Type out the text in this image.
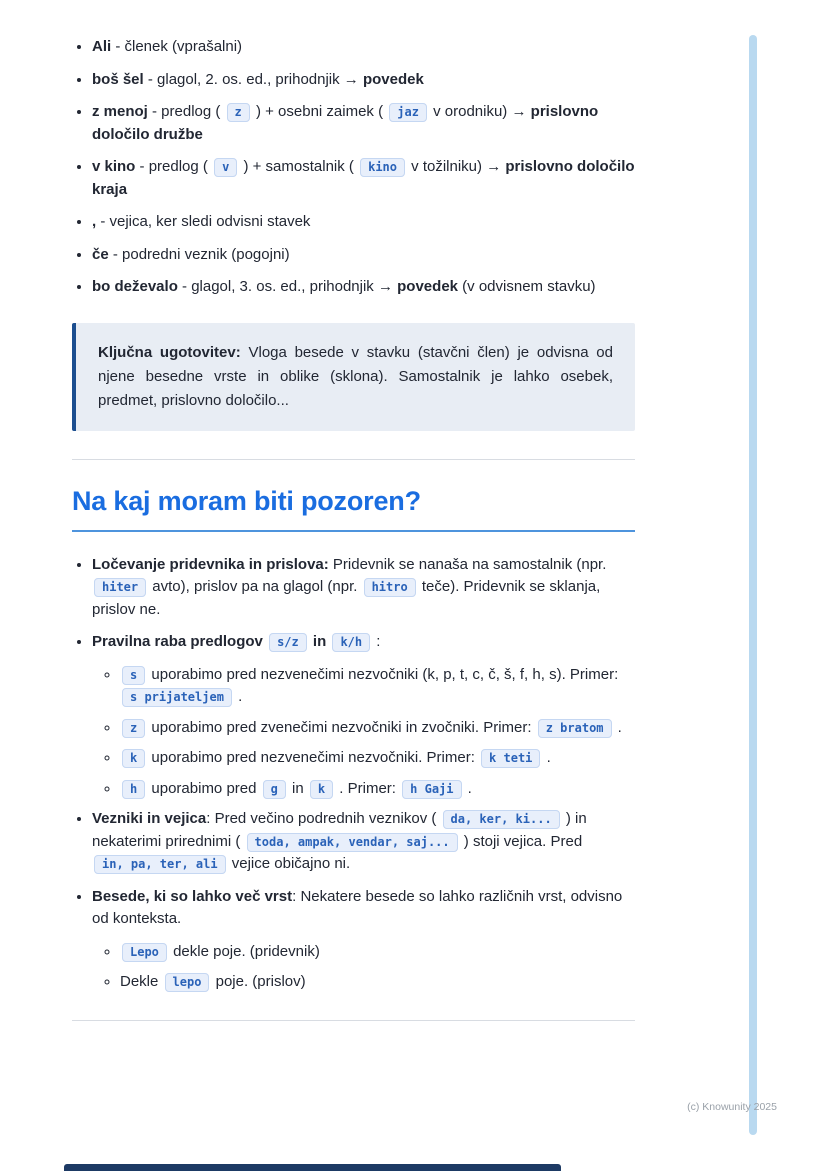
• Ali - členek (vprašalni)
• boš šel - glagol, 2. os. ed., prihodnjik → povedek
• z menoj - predlog ( z ) + osebni zaimek ( jaz v orodniku) → prislovno določilo družbe
• v kino - predlog ( v ) + samostalnik ( kino v tožilniku) → prislovno določilo kraja
• , - vejica, ker sledi odvisni stavek
• če - podredni veznik (pogojni)
• bo deževalo - glagol, 3. os. ed., prihodnjik → povedek (v odvisnem stavku)

Ključna ugotovitev: Vloga besede v stavku (stavčni člen) je odvisna od njene besedne vrste in oblike (sklona). Samostalnik je lahko osebek, predmet, prislovno določilo...

Na kaj moram biti pozoren?
• Ločevanje pridevnika in prislova: Pridevnik se nanaša na samostalnik (npr. hiter avto), prislov pa na glagol (npr. hitro teče). Pridevnik se sklanja, prislov ne.
• Pravilna raba predlogov s/z in k/h :
◦ s uporabimo pred nezvenečimi nezvočniki (k, p, t, c, č, š, f, h, s). Primer: s prijateljem .
◦ z uporabimo pred zvenečimi nezvočniki in zvočniki. Primer: z bratom .
◦ k uporabimo pred nezvenečimi nezvočniki. Primer: k teti .
◦ h uporabimo pred g in k . Primer: h Gaji .
• Vezniki in vejica: Pred večino podrednih veznikov ( da, ker, ki... ) in nekaterimi prirednimi ( toda, ampak, vendar, saj... ) stoji vejica. Pred in, pa, ter, ali vejice običajno ni.
• Besede, ki so lahko več vrst: Nekatere besede so lahko različnih vrst, odvisno od konteksta.
◦ Lepo dekle poje. (pridevnik)
◦ Dekle lepo poje. (prislov)
(c) Knowunity 2025
